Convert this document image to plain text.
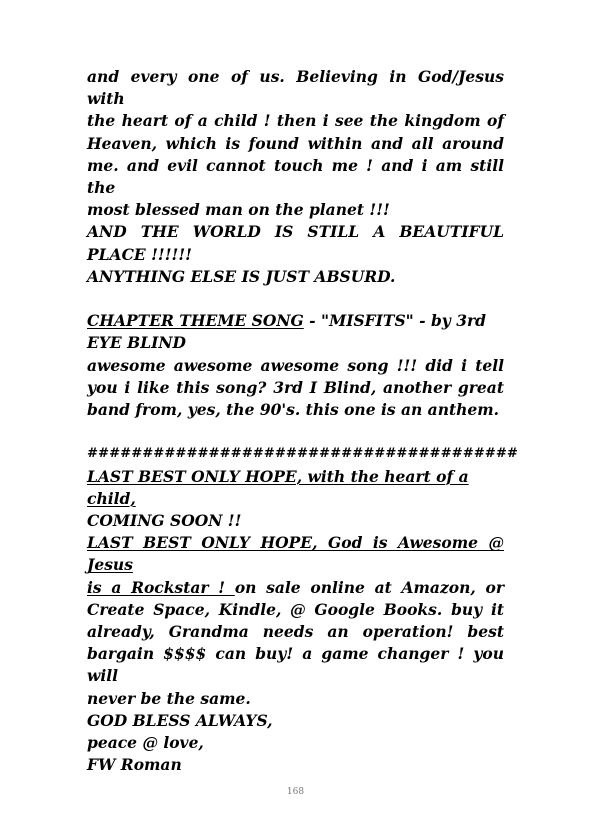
and every one of us. Believing in God/Jesus with

the heart of a child ! then i see the kingdom of

Heaven, which is found within and all around

me. and evil cannot touch me ! and i am still the

most blessed man on the planet !!!

AND THE WORLD IS STILL A BEAUTIFUL

PLACE !!!!!!

ANYTHING ELSE IS JUST ABSURD.

CHAPTER THEME SONG - "MISFITS" - by 3rd EYE BLIND

awesome awesome awesome song !!! did i tell

you i like this song? 3rd I Blind, another great

band from, yes, the 90's. this one is an anthem.

#######################################

LAST BEST ONLY HOPE, with the heart of a child,

COMING SOON !!

LAST BEST ONLY HOPE, God is Awesome @ Jesus

is a Rockstar ! on sale online at Amazon, or

Create Space, Kindle, @ Google Books. buy it

already, Grandma needs an operation! best

bargain $$$$ can buy! a game changer ! you will

never be the same.

GOD BLESS ALWAYS,

peace @ love,

FW Roman

168
